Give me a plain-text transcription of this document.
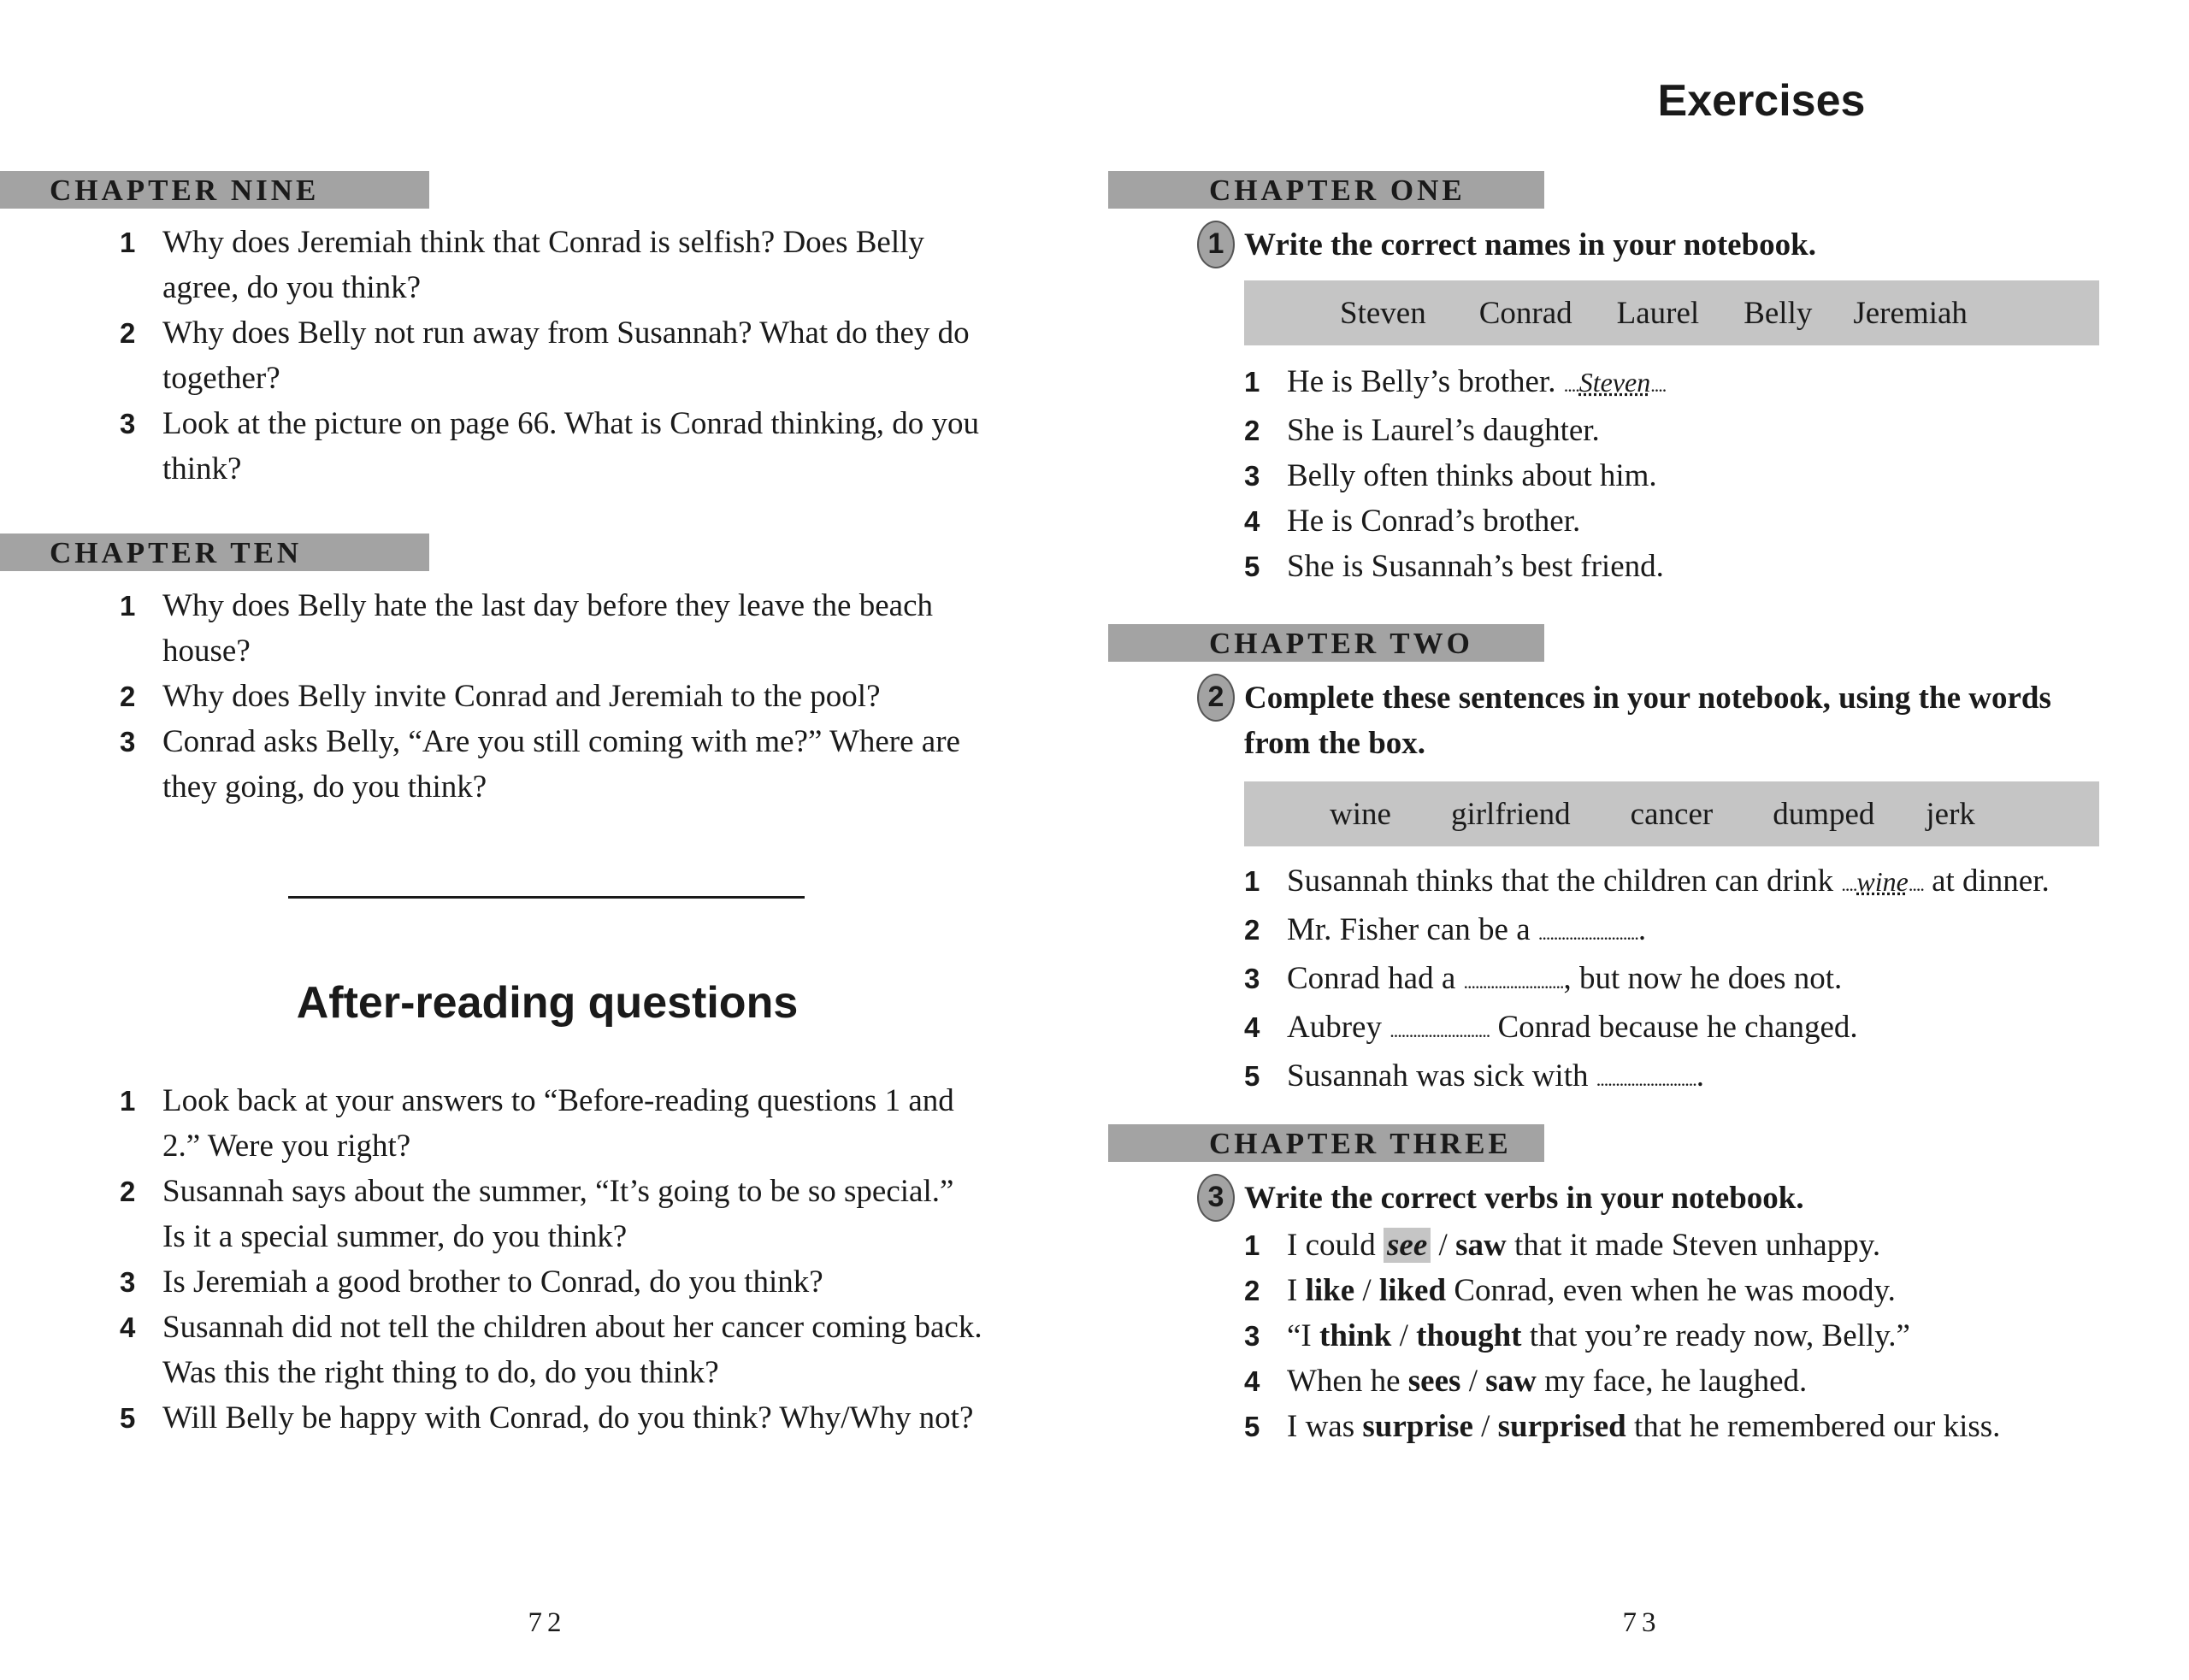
CHAPTER NINE
1 Why does Jeremiah think that Conrad is selfish? Does Belly agree, do you think?
2 Why does Belly not run away from Susannah? What do they do together?
3 Look at the picture on page 66. What is Conrad thinking, do you think?
CHAPTER TEN
1 Why does Belly hate the last day before they leave the beach house?
2 Why does Belly invite Conrad and Jeremiah to the pool?
3 Conrad asks Belly, “Are you still coming with me?” Where are they going, do you think?
After-reading questions
1 Look back at your answers to “Before-reading questions 1 and 2.” Were you right?
2 Susannah says about the summer, “It’s going to be so special.” Is it a special summer, do you think?
3 Is Jeremiah a good brother to Conrad, do you think?
4 Susannah did not tell the children about her cancer coming back. Was this the right thing to do, do you think?
5 Will Belly be happy with Conrad, do you think? Why/Why not?
72
Exercises
CHAPTER ONE
1 Write the correct names in your notebook.
Steven Conrad Laurel Belly Jeremiah
1 He is Belly’s brother. ....Steven....
2 She is Laurel’s daughter.
3 Belly often thinks about him.
4 He is Conrad’s brother.
5 She is Susannah’s best friend.
CHAPTER TWO
2 Complete these sentences in your notebook, using the words from the box.
wine girlfriend cancer dumped jerk
1 Susannah thinks that the children can drink ....wine.... at dinner.
2 Mr. Fisher can be a ...........................
3 Conrad had a .........................., but now he does not.
4 Aubrey .......................... Conrad because he changed.
5 Susannah was sick with ...........................
CHAPTER THREE
3 Write the correct verbs in your notebook.
1 I could see / saw that it made Steven unhappy.
2 I like / liked Conrad, even when he was moody.
3 “I think / thought that you’re ready now, Belly.”
4 When he sees / saw my face, he laughed.
5 I was surprise / surprised that he remembered our kiss.
73
